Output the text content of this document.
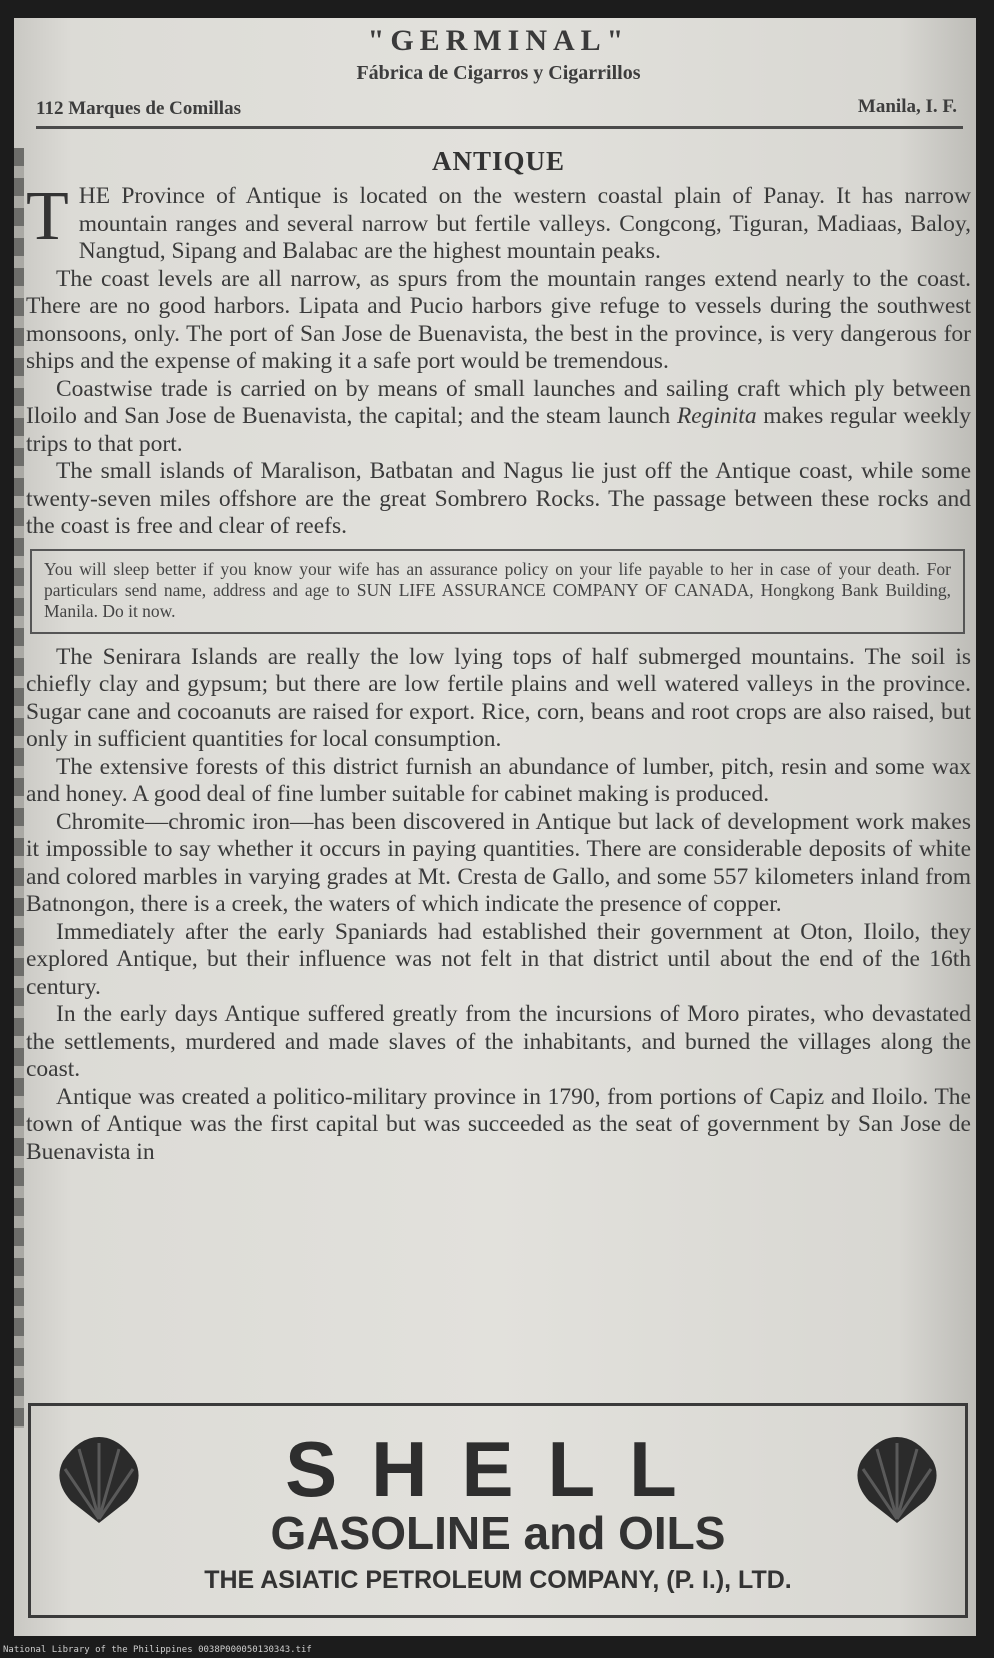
"GERMINAL"
Fábrica de Cigarros y Cigarrillos
112 Marques de Comillas	Manila, I. F.
ANTIQUE

THE Province of Antique is located on the western coastal plain of Panay. It has narrow mountain ranges and several narrow but fertile valleys. Congcong, Tiguran, Madiaas, Baloy, Nangtud, Sipang and Balabac are the highest mountain peaks.

The coast levels are all narrow, as spurs from the mountain ranges extend nearly to the coast. There are no good harbors. Lipata and Pucio harbors give refuge to vessels during the southwest monsoons, only. The port of San Jose de Buenavista, the best in the province, is very dangerous for ships and the expense of making it a safe port would be tremendous.

Coastwise trade is carried on by means of small launches and sailing craft which ply between Iloilo and San Jose de Buenavista, the capital; and the steam launch Reginita makes regular weekly trips to that port.

The small islands of Maralison, Batbatan and Nagus lie just off the Antique coast, while some twenty-seven miles offshore are the great Sombrero Rocks. The passage between these rocks and the coast is free and clear of reefs.

You will sleep better if you know your wife has an assurance policy on your life payable to her in case of your death. For particulars send name, address and age to SUN LIFE ASSURANCE COMPANY OF CANADA, Hongkong Bank Building, Manila. Do it now.

The Senirara Islands are really the low lying tops of half submerged mountains. The soil is chiefly clay and gypsum; but there are low fertile plains and well watered valleys in the province. Sugar cane and cocoanuts are raised for export. Rice, corn, beans and root crops are also raised, but only in sufficient quantities for local consumption.

The extensive forests of this district furnish an abundance of lumber, pitch, resin and some wax and honey. A good deal of fine lumber suitable for cabinet making is produced.

Chromite—chromic iron—has been discovered in Antique but lack of development work makes it impossible to say whether it occurs in paying quantities. There are considerable deposits of white and colored marbles in varying grades at Mt. Cresta de Gallo, and some 557 kilometers inland from Batnongon, there is a creek, the waters of which indicate the presence of copper.

Immediately after the early Spaniards had established their government at Oton, Iloilo, they explored Antique, but their influence was not felt in that district until about the end of the 16th century.

In the early days Antique suffered greatly from the incursions of Moro pirates, who devastated the settlements, murdered and made slaves of the inhabitants, and burned the villages along the coast.

Antique was created a politico-military province in 1790, from portions of Capiz and Iloilo. The town of Antique was the first capital but was succeeded as the seat of government by San Jose de Buenavista in

SHELL
GASOLINE and OILS
THE ASIATIC PETROLEUM COMPANY, (P. I.), LTD.
National Library of the Philippines 0038P000050130343.tif
